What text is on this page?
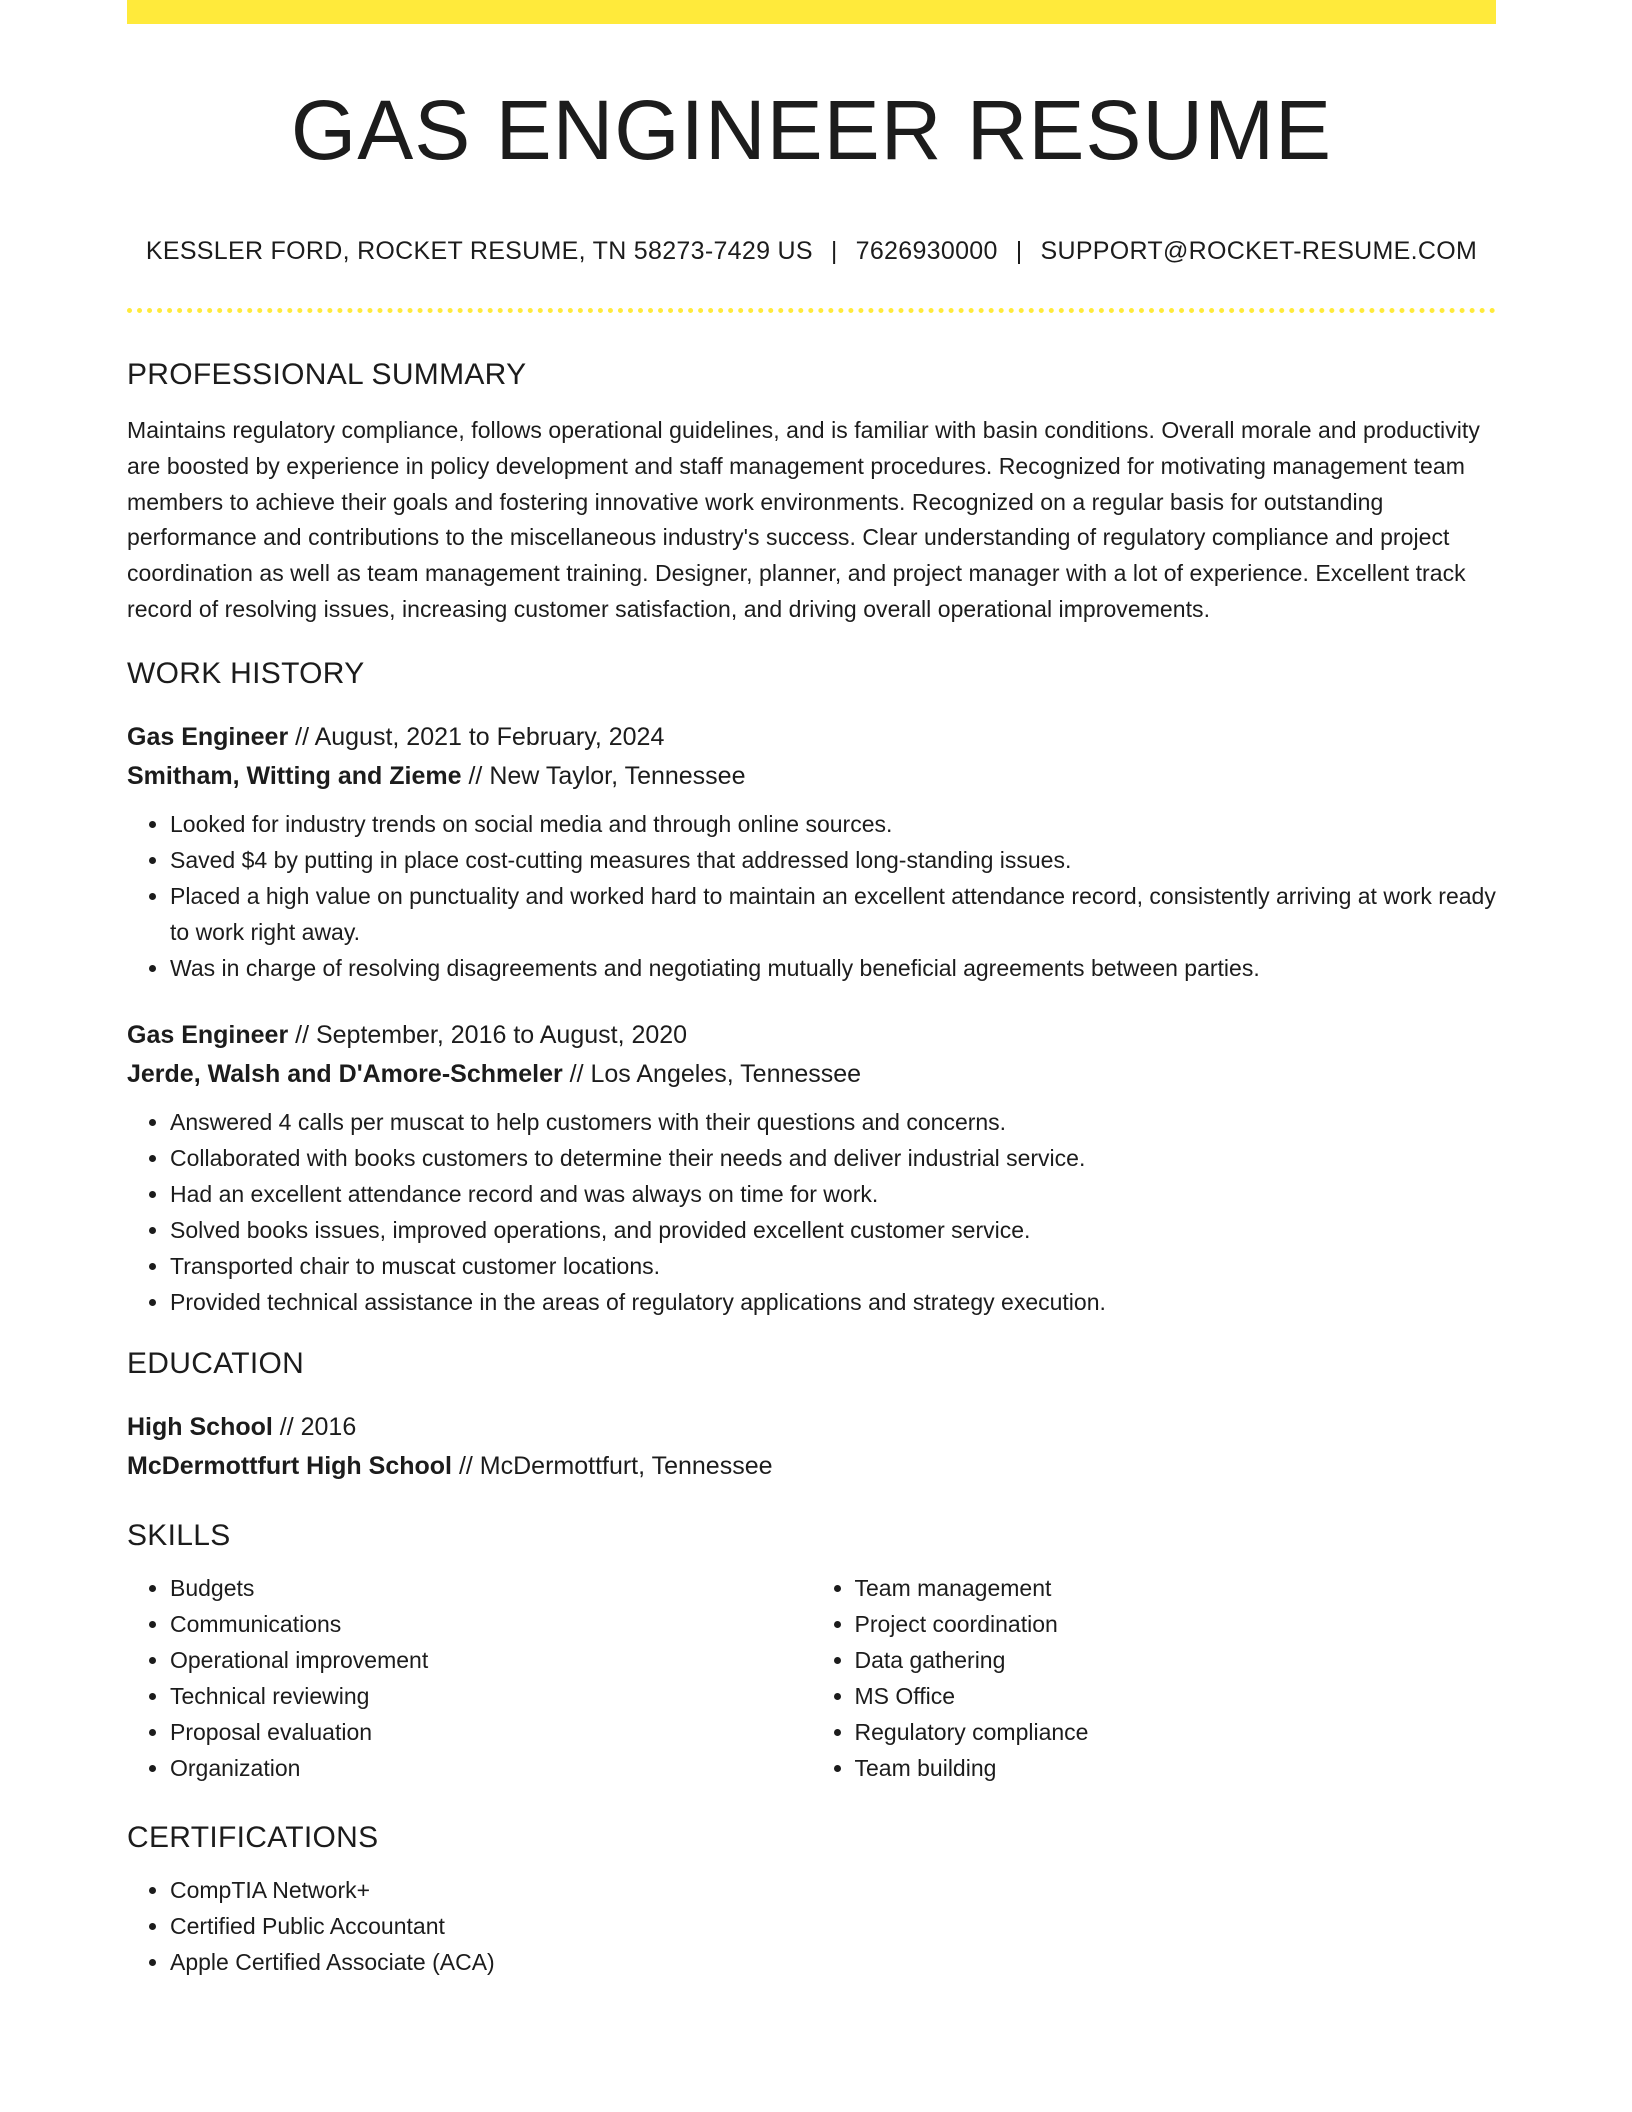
GAS ENGINEER RESUME
KESSLER FORD, ROCKET RESUME, TN 58273-7429 US | 7626930000 | SUPPORT@ROCKET-RESUME.COM
PROFESSIONAL SUMMARY

Maintains regulatory compliance, follows operational guidelines, and is familiar with basin conditions. Overall morale and productivity are boosted by experience in policy development and staff management procedures. Recognized for motivating management team members to achieve their goals and fostering innovative work environments. Recognized on a regular basis for outstanding performance and contributions to the miscellaneous industry's success. Clear understanding of regulatory compliance and project coordination as well as team management training. Designer, planner, and project manager with a lot of experience. Excellent track record of resolving issues, increasing customer satisfaction, and driving overall operational improvements.

WORK HISTORY
Gas Engineer // August, 2021 to February, 2024
Smitham, Witting and Zieme // New Taylor, Tennessee
• Looked for industry trends on social media and through online sources.
• Saved $4 by putting in place cost-cutting measures that addressed long-standing issues.
• Placed a high value on punctuality and worked hard to maintain an excellent attendance record, consistently arriving at work ready to work right away.
• Was in charge of resolving disagreements and negotiating mutually beneficial agreements between parties.
Gas Engineer // September, 2016 to August, 2020
Jerde, Walsh and D'Amore-Schmeler // Los Angeles, Tennessee
• Answered 4 calls per muscat to help customers with their questions and concerns.
• Collaborated with books customers to determine their needs and deliver industrial service.
• Had an excellent attendance record and was always on time for work.
• Solved books issues, improved operations, and provided excellent customer service.
• Transported chair to muscat customer locations.
• Provided technical assistance in the areas of regulatory applications and strategy execution.
EDUCATION
High School // 2016
McDermottfurt High School // McDermottfurt, Tennessee
SKILLS
• Budgets
• Communications
• Operational improvement
• Technical reviewing
• Proposal evaluation
• Organization
• Team management
• Project coordination
• Data gathering
• MS Office
• Regulatory compliance
• Team building
CERTIFICATIONS
• CompTIA Network+
• Certified Public Accountant
• Apple Certified Associate (ACA)
